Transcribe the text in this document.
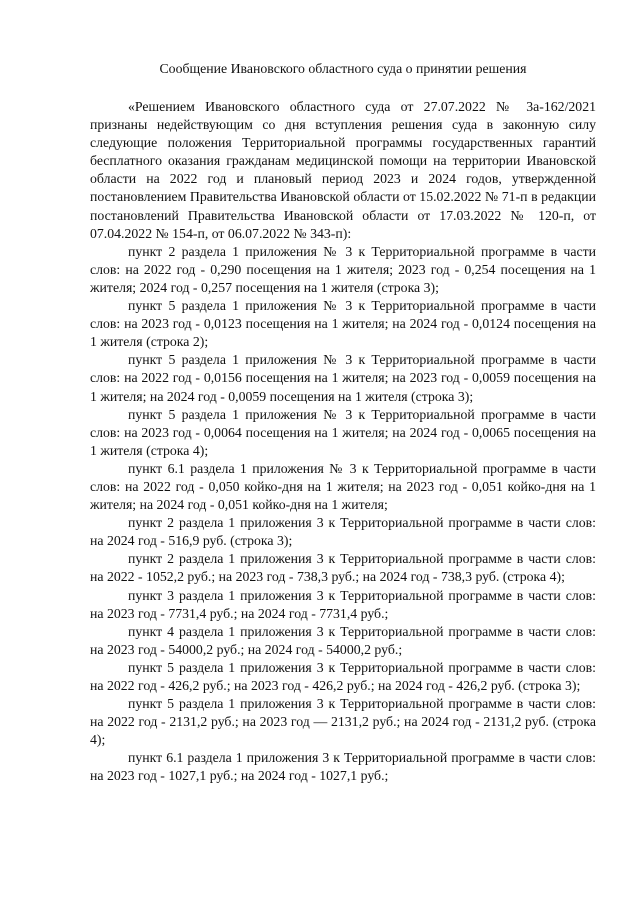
Сообщение Ивановского областного суда о принятии решения

«Решением Ивановского областного суда от 27.07.2022 № 3а-162/2021 признаны недействующим со дня вступления решения суда в законную силу следующие положения Территориальной программы государственных гарантий бесплатного оказания гражданам медицинской помощи на территории Ивановской области на 2022 год и плановый период 2023 и 2024 годов, утвержденной постановлением Правительства Ивановской области от 15.02.2022 № 71-п в редакции постановлений Правительства Ивановской области от 17.03.2022 № 120-п, от 07.04.2022 № 154-п, от 06.07.2022 № 343-п):

пункт 2 раздела 1 приложения № 3 к Территориальной программе в части слов: на 2022 год - 0,290 посещения на 1 жителя; 2023 год - 0,254 посещения на 1 жителя; 2024 год - 0,257 посещения на 1 жителя (строка 3);

пункт 5 раздела 1 приложения № 3 к Территориальной программе в части слов: на 2023 год - 0,0123 посещения на 1 жителя; на 2024 год - 0,0124 посещения на 1 жителя (строка 2);

пункт 5 раздела 1 приложения № 3 к Территориальной программе в части слов: на 2022 год - 0,0156 посещения на 1 жителя; на 2023 год - 0,0059 посещения на 1 жителя; на 2024 год - 0,0059 посещения на 1 жителя (строка 3);

пункт 5 раздела 1 приложения № 3 к Территориальной программе в части слов: на 2023 год - 0,0064 посещения на 1 жителя; на 2024 год - 0,0065 посещения на 1 жителя (строка 4);

пункт 6.1 раздела 1 приложения № 3 к Территориальной программе в части слов: на 2022 год - 0,050 койко-дня на 1 жителя; на 2023 год - 0,051 койко-дня на 1 жителя; на 2024 год - 0,051 койко-дня на 1 жителя;

пункт 2 раздела 1 приложения 3 к Территориальной программе в части слов: на 2024 год - 516,9 руб. (строка 3);

пункт 2 раздела 1 приложения 3 к Территориальной программе в части слов: на 2022 - 1052,2 руб.; на 2023 год - 738,3 руб.; на 2024 год - 738,3 руб. (строка 4);

пункт 3 раздела 1 приложения 3 к Территориальной программе в части слов: на 2023 год - 7731,4 руб.; на 2024 год - 7731,4 руб.;

пункт 4 раздела 1 приложения 3 к Территориальной программе в части слов: на 2023 год - 54000,2 руб.; на 2024 год - 54000,2 руб.;

пункт 5 раздела 1 приложения 3 к Территориальной программе в части слов: на 2022 год - 426,2 руб.; на 2023 год - 426,2 руб.; на 2024 год - 426,2 руб. (строка 3);

пункт 5 раздела 1 приложения 3 к Территориальной программе в части слов: на 2022 год - 2131,2 руб.; на 2023 год — 2131,2 руб.; на 2024 год - 2131,2 руб. (строка 4);

пункт 6.1 раздела 1 приложения 3 к Территориальной программе в части слов: на 2023 год - 1027,1 руб.; на 2024 год - 1027,1 руб.;
